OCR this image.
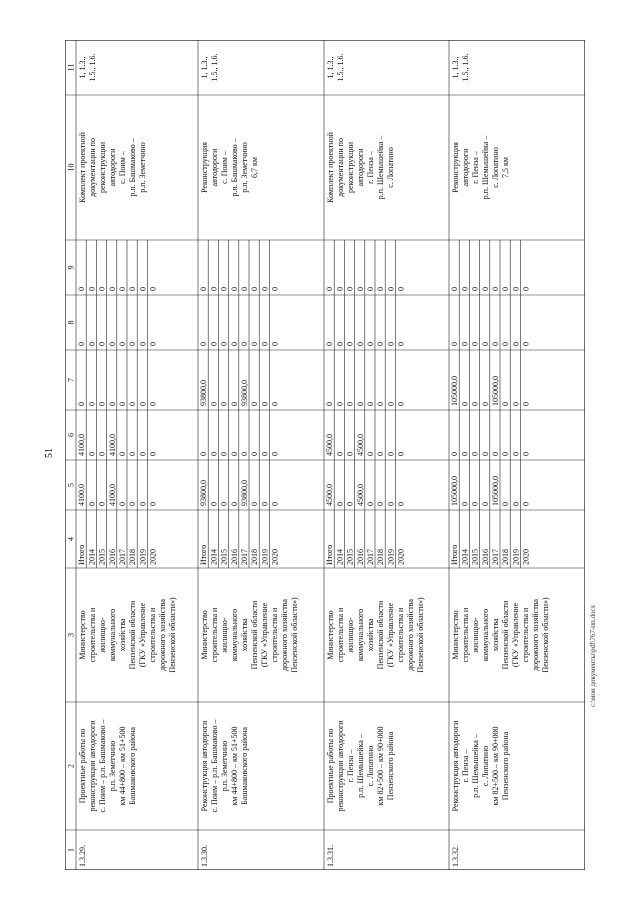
51
1
2
3
4
5
6
7
8
9
10
11
1.3.29.
Проектные работы по реконструкции автодороги с. Поим – р.п. Башмаково – р.п. Земетчино км 44+800 – км 51+500 Башмаковского района
Министерство строительства и жилищно- коммунального хозяйства Пензенской области (ГКУ «Управление строительства и дорожного хозяйства Пензенской области»)
Комплект проектной документации по реконструкции автодороги с. Поим – р.п. Башмаково – р.п. Земетчино
1, 1.3., 1.5., 1.6.
Итого 2014 2015 2016 2017 2018 2019 2020
4100,0 0 0 4100,0 0 0 0 0
4100,0 0 0 4100,0 0 0 0 0
0 0 0 0 0 0 0 0
0 0 0 0 0 0 0 0
0 0 0 0 0 0 0 0
1.3.30.
Реконструкция автодороги с. Поим – р.п. Башмаково – р.п. Земетчино км 44+800 – км 51+500 Башмаковского района
Министерство строительства и жилищно- коммунального хозяйства Пензенской области (ГКУ «Управление строительства и дорожного хозяйства Пензенской области»)
Реконструкция автодороги с. Поим – р.п. Башмаково – р.п. Земетчино 6,7 км
1, 1.3., 1.5., 1.6.
Итого 2014 2015 2016 2017 2018 2019 2020
93800,0 0 0 0 93800,0 0 0 0
0 0 0 0 0 0 0 0
93800,0 0 0 0 93800,0 0 0 0
0 0 0 0 0 0 0 0
0 0 0 0 0 0 0 0
1.3.31.
Проектные работы по реконструкции автодороги г. Пенза – р.п. Шемышейка – с. Лопатино км 82+500 – км 90+000 Пензенского района
Министерство строительства и жилищно- коммунального хозяйства Пензенской области (ГКУ «Управление строительства и дорожного хозяйства Пензенской области»)
Комплект проектной документации по реконструкции автодороги г. Пенза – р.п. Шемышейка – с. Лопатино
1, 1.3., 1.5., 1.6.
Итого 2014 2015 2016 2017 2018 2019 2020
4500,0 0 0 4500,0 0 0 0 0
4500,0 0 0 4500,0 0 0 0 0
0 0 0 0 0 0 0 0
0 0 0 0 0 0 0 0
0 0 0 0 0 0 0 0
1.3.32.
Реконструкция автодороги г. Пенза – р.п. Шемышейка – с. Лопатино км 82+500 – км 90+000 Пензенского района
Министерство строительства и жилищно- коммунального хозяйства Пензенской области (ГКУ «Управление строительства и дорожного хозяйства Пензенской области»)
Реконструкция автодороги г. Пенза – р.п. Шемышейка – с. Лопатино 7,5 км
1, 1.3., 1.5., 1.6.
Итого 2014 2015 2016 2017 2018 2019 2020
105000,0 0 0 0 105000,0 0 0 0
0 0 0 0 0 0 0 0
105000,0 0 0 0 105000,0 0 0 0
0 0 0 0 0 0 0 0
0 0 0 0 0 0 0 0
c:\мои документы\pdf\767-пп.docx
